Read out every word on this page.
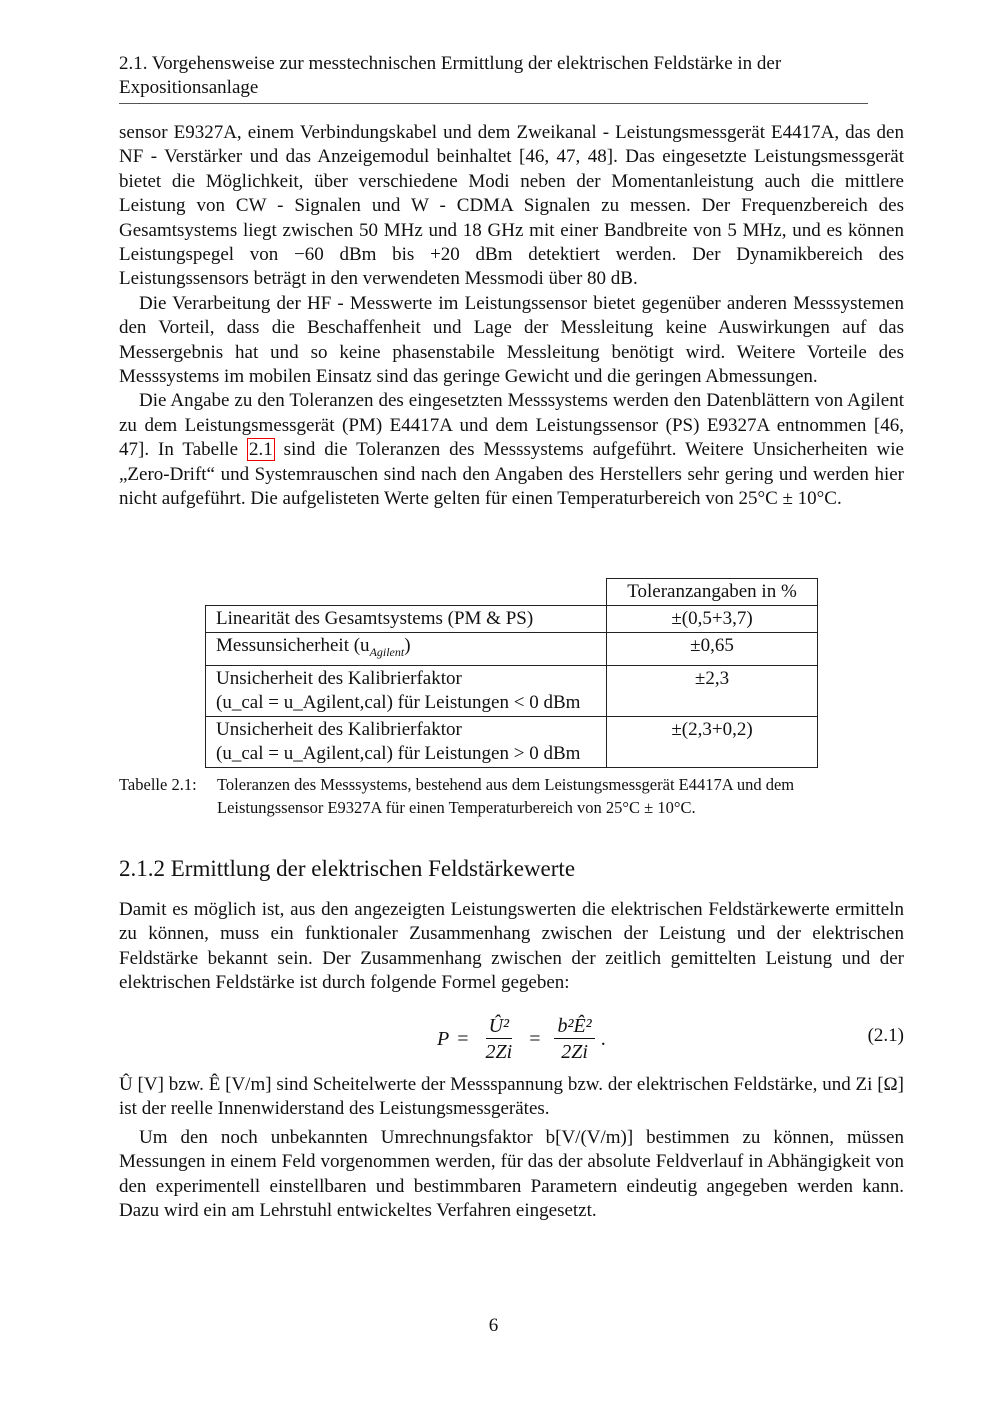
2.1. Vorgehensweise zur messtechnischen Ermittlung der elektrischen Feldstärke in der
Expositionsanlage

sensor E9327A, einem Verbindungskabel und dem Zweikanal - Leistungsmessgerät E4417A, das den NF - Verstärker und das Anzeigemodul beinhaltet [46, 47, 48]. Das eingesetzte Leistungsmessgerät bietet die Möglichkeit, über verschiedene Modi neben der Momentanleistung auch die mittlere Leistung von CW - Signalen und W - CDMA Signalen zu messen. Der Frequenzbereich des Gesamtsystems liegt zwischen 50 MHz und 18 GHz mit einer Bandbreite von 5 MHz, und es können Leistungspegel von −60 dBm bis +20 dBm detektiert werden. Der Dynamikbereich des Leistungssensors beträgt in den verwendeten Messmodi über 80 dB.

Die Verarbeitung der HF - Messwerte im Leistungssensor bietet gegenüber anderen Messsystemen den Vorteil, dass die Beschaffenheit und Lage der Messleitung keine Auswirkungen auf das Messergebnis hat und so keine phasenstabile Messleitung benötigt wird. Weitere Vorteile des Messsystems im mobilen Einsatz sind das geringe Gewicht und die geringen Abmessungen.

Die Angabe zu den Toleranzen des eingesetzten Messsystems werden den Datenblättern von Agilent zu dem Leistungsmessgerät (PM) E4417A und dem Leistungssensor (PS) E9327A entnommen [46, 47]. In Tabelle 2.1 sind die Toleranzen des Messsystems aufgeführt. Weitere Unsicherheiten wie „Zero-Drift“ und Systemrauschen sind nach den Angaben des Herstellers sehr gering und werden hier nicht aufgeführt. Die aufgelisteten Werte gelten für einen Temperaturbereich von 25°C ± 10°C.

	Toleranzangaben in %
Linearität des Gesamtsystems (PM & PS)	±(0,5+3,7)
Messunsicherheit $(u_{Agilent})$	±0,65

Unsicherheit des Kalibrierfaktor
(u_cal = u_Agilent,cal) für Leistungen < 0 dBm	±2,3

Unsicherheit des Kalibrierfaktor
(u_cal = u_Agilent,cal) für Leistungen > 0 dBm	±(2,3+0,2)
Tabelle 2.1:	Toleranzen des Messsystems, bestehend aus dem Leistungsmessgerät E4417A und dem Leistungssensor E9327A für einen Temperaturbereich von 25°C ± 10°C.
2.1.2 Ermittlung der elektrischen Feldstärkewerte

Damit es möglich ist, aus den angezeigten Leistungswerten die elektrischen Feldstärkewerte ermitteln zu können, muss ein funktionaler Zusammenhang zwischen der Leistung und der elektrischen Feldstärke bekannt sein. Der Zusammenhang zwischen der zeitlich gemittelten Leistung und der elektrischen Feldstärke ist durch folgende Formel gegeben:

$P = \frac{\text{Û²}}{2Zi} = \frac{\text{b²Ê²}}{2Zi}$ .	(2.1)

Û [V] bzw. Ê [V/m] sind Scheitelwerte der Messspannung bzw. der elektrischen Feldstärke, und Zi [Ω] ist der reelle Innenwiderstand des Leistungsmessgerätes.

Um den noch unbekannten Umrechnungsfaktor b[V/(V/m)] bestimmen zu können, müssen Messungen in einem Feld vorgenommen werden, für das der absolute Feldverlauf in Abhängigkeit von den experimentell einstellbaren und bestimmbaren Parametern eindeutig angegeben werden kann. Dazu wird ein am Lehrstuhl entwickeltes Verfahren eingesetzt.

6
